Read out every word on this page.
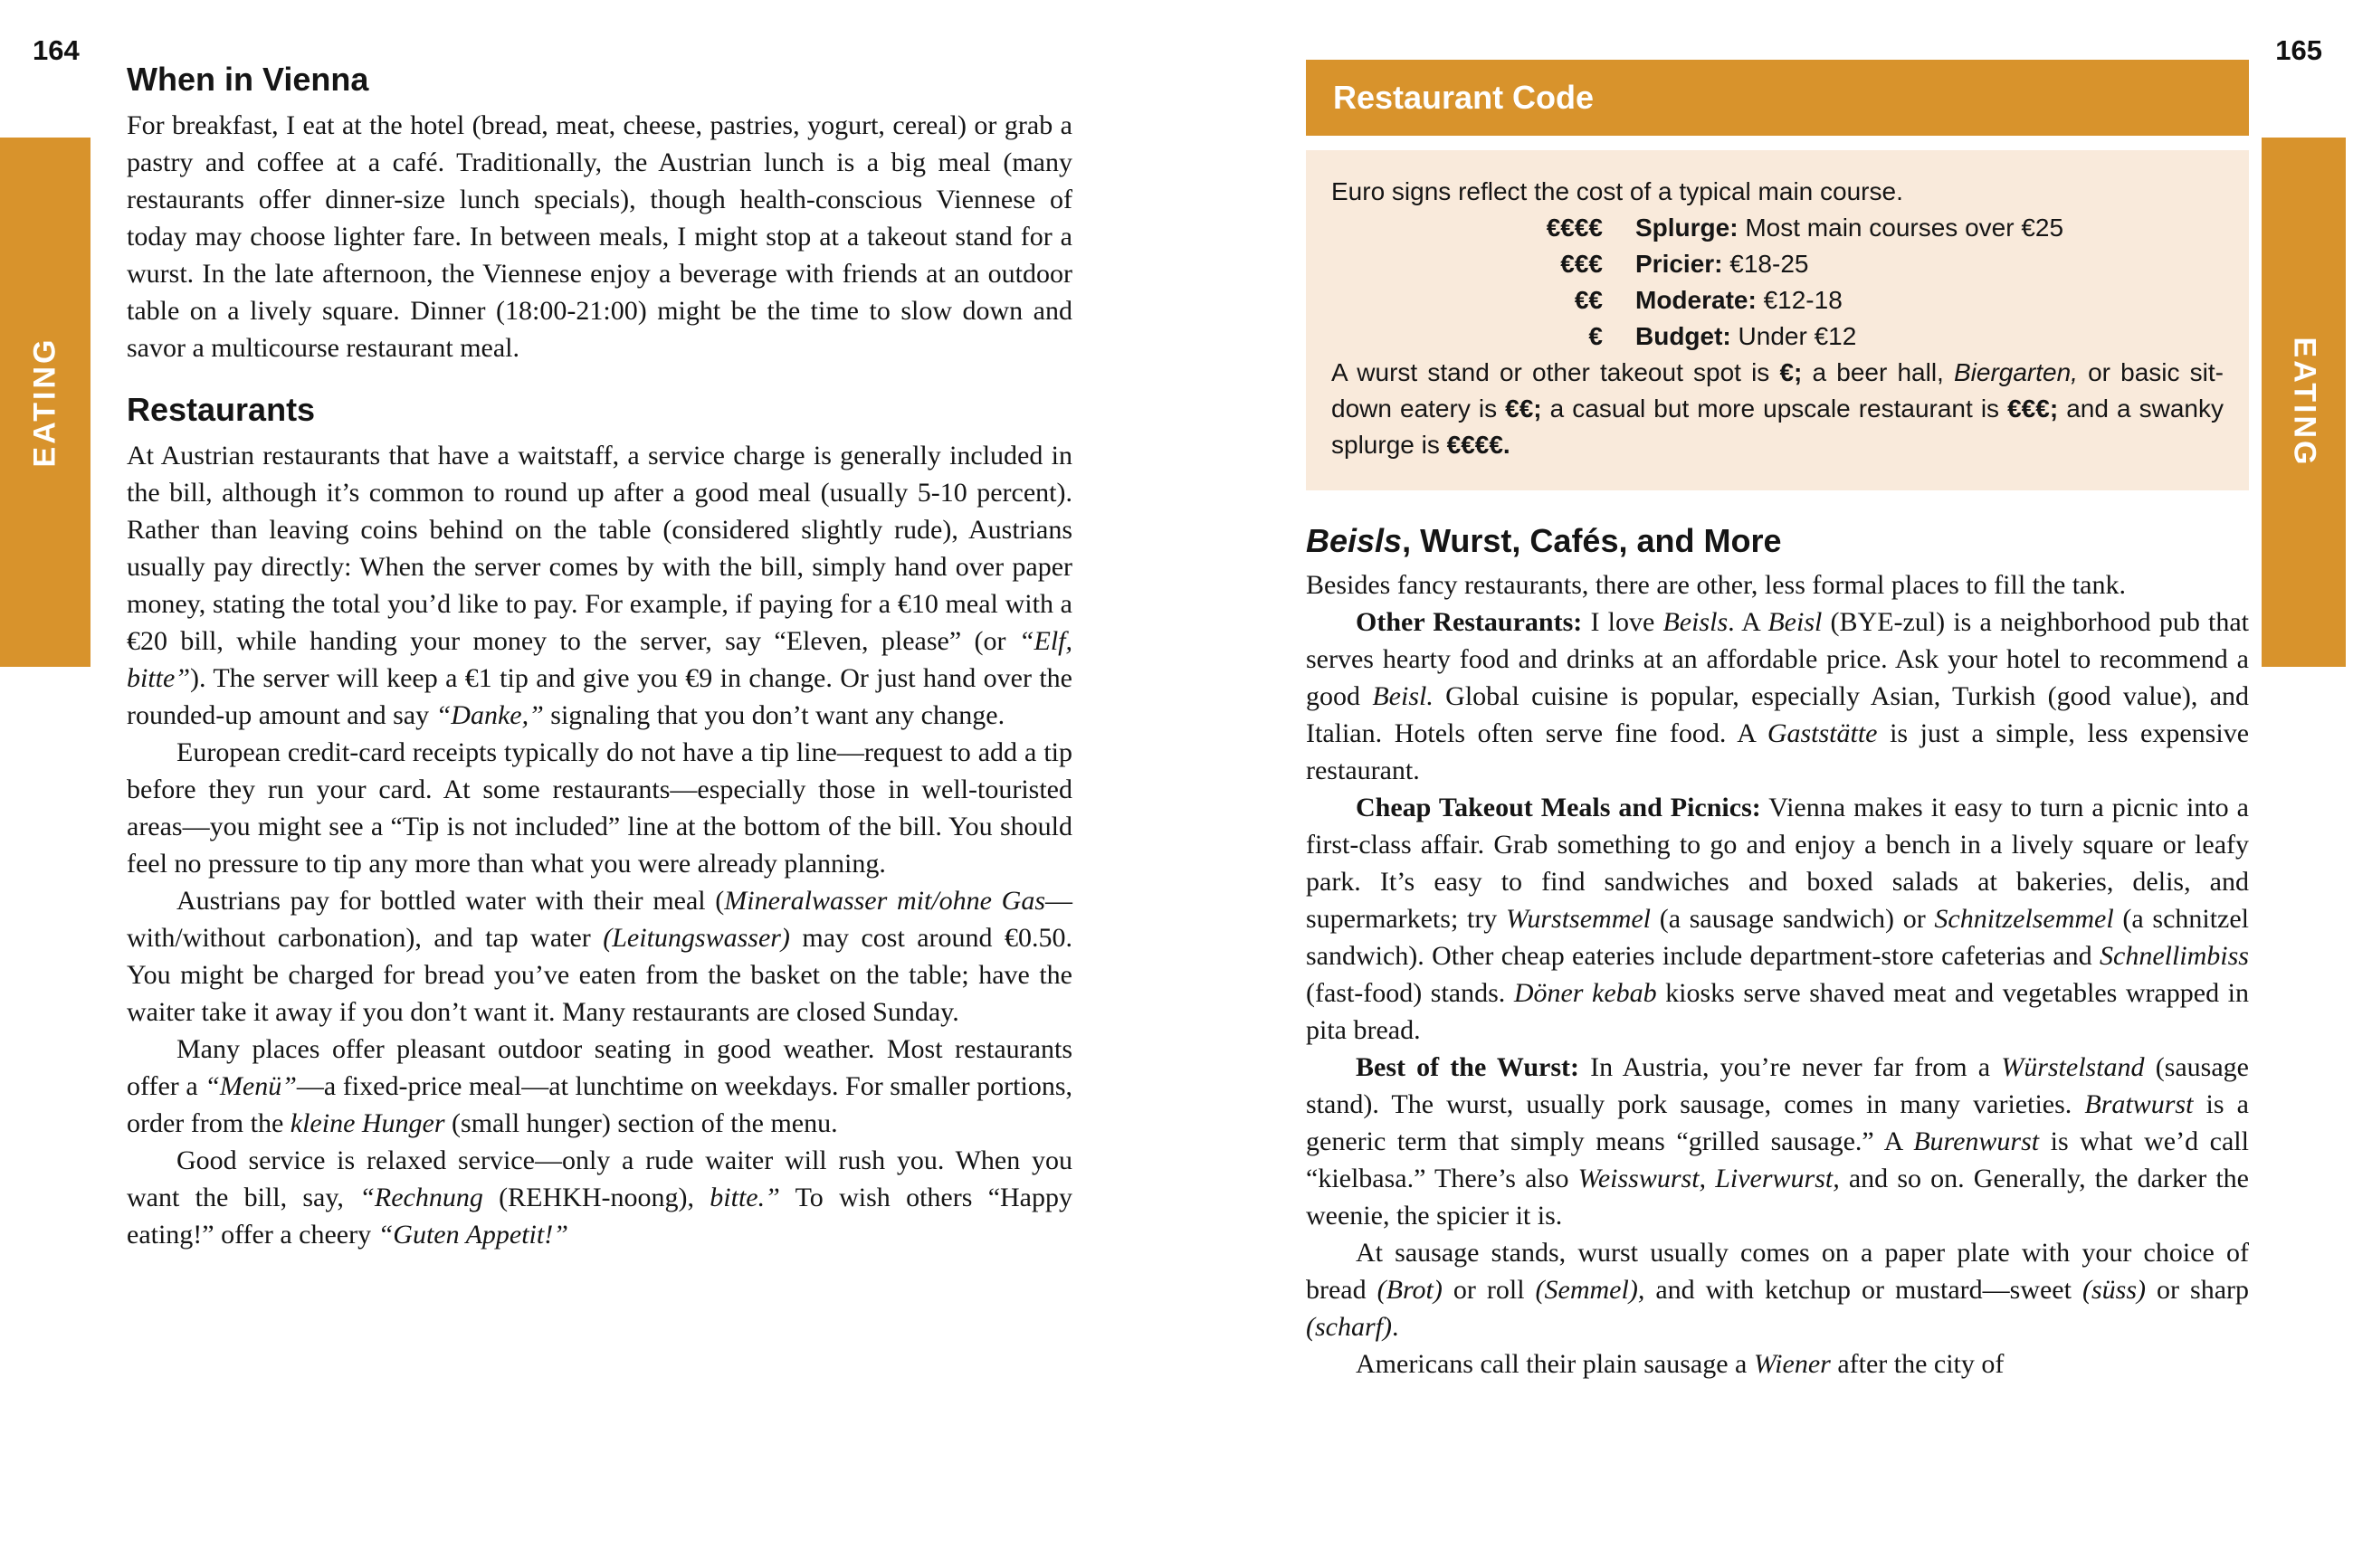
164	165
EATING	EATING
When in Vienna

For breakfast, I eat at the hotel (bread, meat, cheese, pastries, yogurt, cereal) or grab a pastry and coffee at a café. Traditionally, the Austrian lunch is a big meal (many restaurants offer dinner-size lunch specials), though health-conscious Viennese of today may choose lighter fare. In between meals, I might stop at a takeout stand for a wurst. In the late afternoon, the Viennese enjoy a beverage with friends at an outdoor table on a lively square. Dinner (18:00-21:00) might be the time to slow down and savor a multicourse restaurant meal.

Restaurants

At Austrian restaurants that have a waitstaff, a service charge is generally included in the bill, although it’s common to round up after a good meal (usually 5-10 percent). Rather than leaving coins behind on the table (considered slightly rude), Austrians usually pay directly: When the server comes by with the bill, simply hand over paper money, stating the total you’d like to pay. For example, if paying for a €10 meal with a €20 bill, while handing your money to the server, say “Eleven, please” (or “Elf, bitte”). The server will keep a €1 tip and give you €9 in change. Or just hand over the rounded-up amount and say “Danke,” signaling that you don’t want any change.

European credit-card receipts typically do not have a tip line—request to add a tip before they run your card. At some restaurants—especially those in well-touristed areas—you might see a “Tip is not included” line at the bottom of the bill. You should feel no pressure to tip any more than what you were already planning.

Austrians pay for bottled water with their meal (Mineralwasser mit/ohne Gas—with/without carbonation), and tap water (Leitungswasser) may cost around €0.50. You might be charged for bread you’ve eaten from the basket on the table; have the waiter take it away if you don’t want it. Many restaurants are closed Sunday.

Many places offer pleasant outdoor seating in good weather. Most restaurants offer a “Menü”—a fixed-price meal—at lunchtime on weekdays. For smaller portions, order from the kleine Hunger (small hunger) section of the menu.

Good service is relaxed service—only a rude waiter will rush you. When you want the bill, say, “Rechnung (REHKH-noong), bitte.” To wish others “Happy eating!” offer a cheery “Guten Appetit!”

Restaurant Code

Euro signs reflect the cost of a typical main course.

€€€€ Splurge: Most main courses over €25
€€€ Pricier: €18-25
€€ Moderate: €12-18
€ Budget: Under €12

A wurst stand or other takeout spot is €; a beer hall, Biergarten, or basic sit-down eatery is €€; a casual but more upscale restaurant is €€€; and a swanky splurge is €€€€.

Beisls, Wurst, Cafés, and More

Besides fancy restaurants, there are other, less formal places to fill the tank.

Other Restaurants: I love Beisls. A Beisl (BYE-zul) is a neighborhood pub that serves hearty food and drinks at an affordable price. Ask your hotel to recommend a good Beisl. Global cuisine is popular, especially Asian, Turkish (good value), and Italian. Hotels often serve fine food. A Gaststätte is just a simple, less expensive restaurant.

Cheap Takeout Meals and Picnics: Vienna makes it easy to turn a picnic into a first-class affair. Grab something to go and enjoy a bench in a lively square or leafy park. It’s easy to find sandwiches and boxed salads at bakeries, delis, and supermarkets; try Wurstsemmel (a sausage sandwich) or Schnitzelsemmel (a schnitzel sandwich). Other cheap eateries include department-store cafeterias and Schnellimbiss (fast-food) stands. Döner kebab kiosks serve shaved meat and vegetables wrapped in pita bread.

Best of the Wurst: In Austria, you’re never far from a Würstelstand (sausage stand). The wurst, usually pork sausage, comes in many varieties. Bratwurst is a generic term that simply means “grilled sausage.” A Burenwurst is what we’d call “kielbasa.” There’s also Weisswurst, Liverwurst, and so on. Generally, the darker the weenie, the spicier it is.

At sausage stands, wurst usually comes on a paper plate with your choice of bread (Brot) or roll (Semmel), and with ketchup or mustard—sweet (süss) or sharp (scharf).

Americans call their plain sausage a Wiener after the city of
